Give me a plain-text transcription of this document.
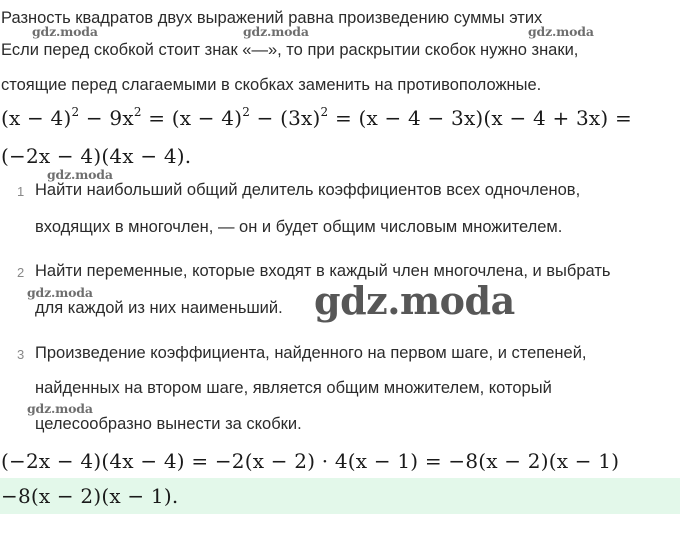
Разность квадратов двух выражений равна произведению суммы этих
Если перед скобкой стоит знак «—», то при раскрытии скобок нужно знаки,
стоящие перед слагаемыми в скобках заменить на противоположные.
gdz.moda	gdz.moda	gdz.moda
$(x - 4)^2 - 9x^2 = (x - 4)^2 - (3x)^2 = (x - 4 - 3x)(x - 4 + 3x)$ =
(−2x − 4)(4x − 4).
gdz.moda
1 Найти наибольший общий делитель коэффициентов всех одночленов,
входящих в многочлен, — он и будет общим числовым множителем.
2 Найти переменные, которые входят в каждый член многочлена, и выбрать
для каждой из них наименьший.
gdz.moda	gdz.moda
3 Произведение коэффициента, найденного на первом шаге, и степеней,
найденных на втором шаге, является общим множителем, который
целесообразно вынести за скобки.
gdz.moda
(−2x − 4)(4x − 4) = −2(x − 2) · 4(x − 1) = −8(x − 2)(x − 1)
−8(x − 2)(x − 1).
